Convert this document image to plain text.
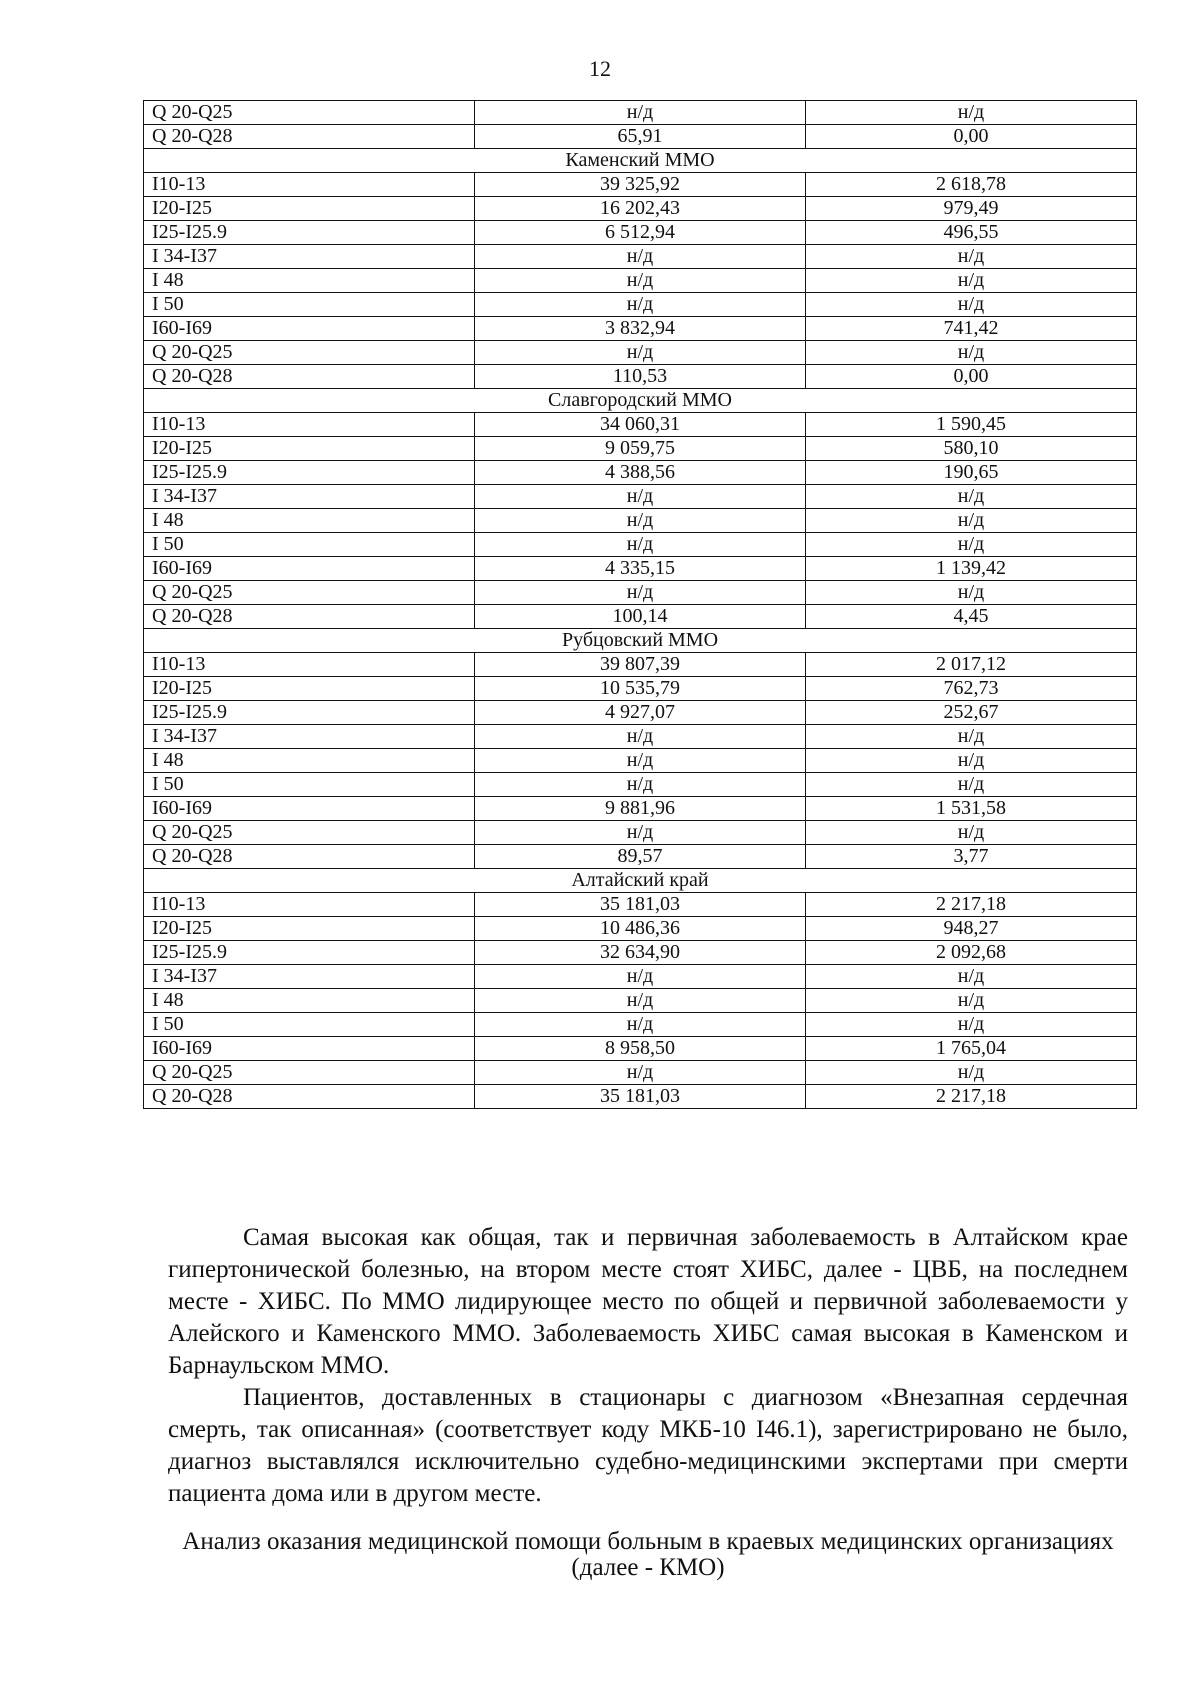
12
Q 20-Q25	н/д	н/д
Q 20-Q28	65,91	0,00
Каменский ММО		
I10-13	39 325,92	2 618,78
I20-I25	16 202,43	979,49
I25-I25.9	6 512,94	496,55
I 34-I37	н/д	н/д
I 48	н/д	н/д
I 50	н/д	н/д
I60-I69	3 832,94	741,42
Q 20-Q25	н/д	н/д
Q 20-Q28	110,53	0,00
Славгородский ММО		
I10-13	34 060,31	1 590,45
I20-I25	9 059,75	580,10
I25-I25.9	4 388,56	190,65
I 34-I37	н/д	н/д
I 48	н/д	н/д
I 50	н/д	н/д
I60-I69	4 335,15	1 139,42
Q 20-Q25	н/д	н/д
Q 20-Q28	100,14	4,45
Рубцовский ММО		
I10-13	39 807,39	2 017,12
I20-I25	10 535,79	762,73
I25-I25.9	4 927,07	252,67
I 34-I37	н/д	н/д
I 48	н/д	н/д
I 50	н/д	н/д
I60-I69	9 881,96	1 531,58
Q 20-Q25	н/д	н/д
Q 20-Q28	89,57	3,77
Алтайский край		
I10-13	35 181,03	2 217,18
I20-I25	10 486,36	948,27
I25-I25.9	32 634,90	2 092,68
I 34-I37	н/д	н/д
I 48	н/д	н/д
I 50	н/д	н/д
I60-I69	8 958,50	1 765,04
Q 20-Q25	н/д	н/д
Q 20-Q28	35 181,03	2 217,18

Самая высокая как общая, так и первичная заболеваемость в Алтайском крае гипертонической болезнью, на втором месте стоят ХИБС, далее - ЦВБ, на последнем месте - ХИБС. По ММО лидирующее место по общей и первичной заболеваемости у Алейского и Каменского ММО. Заболеваемость ХИБС самая высокая в Каменском и Барнаульском ММО.

Пациентов, доставленных в стационары с диагнозом «Внезапная сердечная смерть, так описанная» (соответствует коду МКБ-10 I46.1), зарегистрировано не было, диагноз выставлялся исключительно судебно-медицинскими экспертами при смерти пациента дома или в другом месте.

Анализ оказания медицинской помощи больным в краевых медицинских организациях (далее - КМО)
